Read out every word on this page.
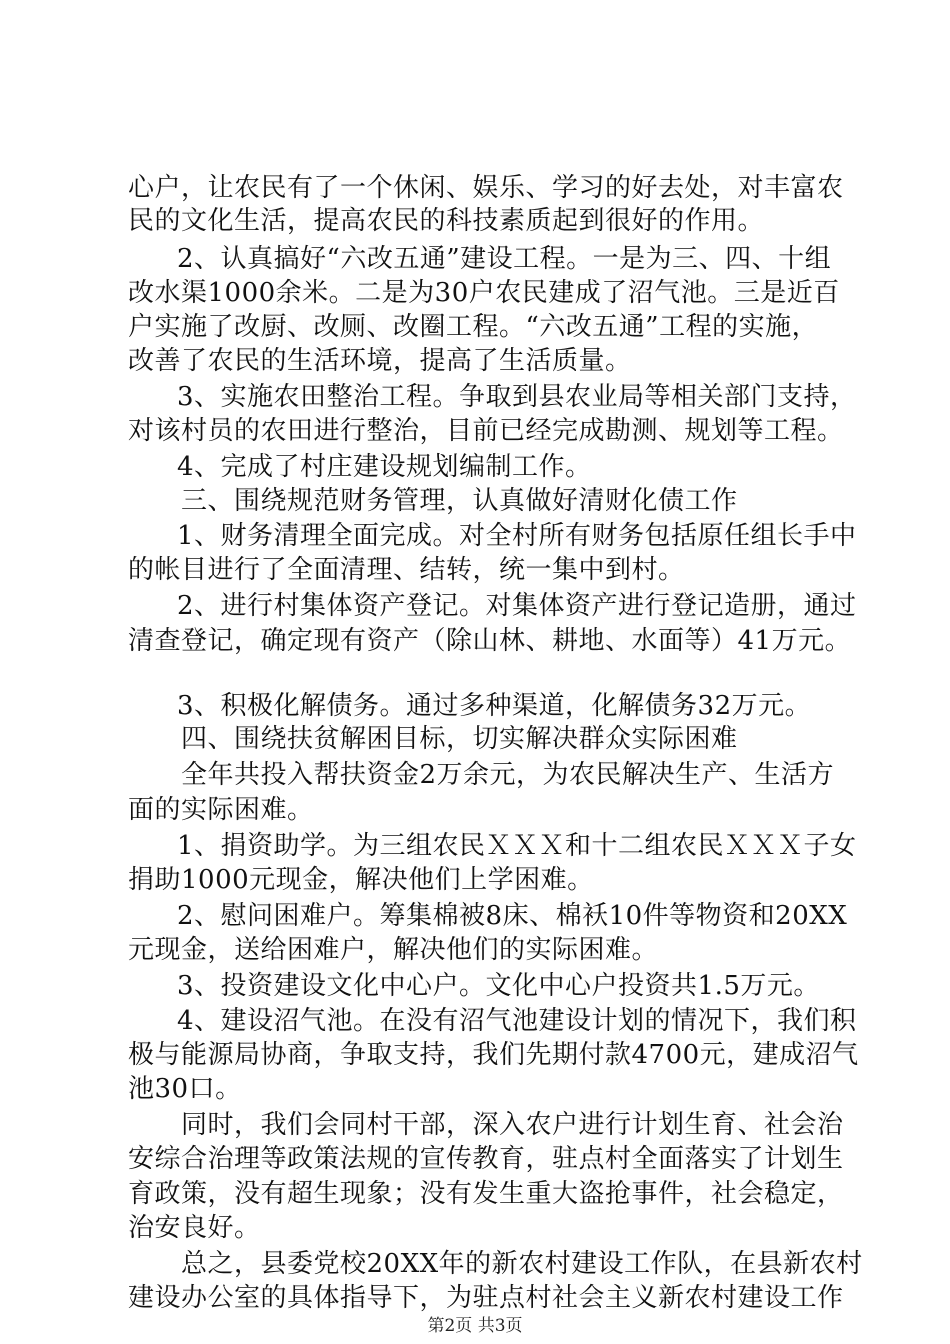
心户，让农民有了一个休闲、娱乐、学习的好去处，对丰富农
民的文化生活，提高农民的科技素质起到很好的作用。
2、认真搞好“六改五通”建设工程。一是为三、四、十组
改水渠1000余米。二是为30户农民建成了沼气池。三是近百
户实施了改厨、改厕、改圈工程。“六改五通”工程的实施，
改善了农民的生活环境，提高了生活质量。
3、实施农田整治工程。争取到县农业局等相关部门支持，
对该村员的农田进行整治，目前已经完成勘测、规划等工程。
4、完成了村庄建设规划编制工作。
三、围绕规范财务管理，认真做好清财化债工作
1、财务清理全面完成。对全村所有财务包括原任组长手中
的帐目进行了全面清理、结转，统一集中到村。
2、进行村集体资产登记。对集体资产进行登记造册，通过
清查登记，确定现有资产（除山林、耕地、水面等）41万元。
3、积极化解债务。通过多种渠道，化解债务32万元。
四、围绕扶贫解困目标，切实解决群众实际困难
全年共投入帮扶资金2万余元，为农民解决生产、生活方
面的实际困难。
1、捐资助学。为三组农民ＸＸＸ和十二组农民ＸＸＸ子女
捐助1000元现金，解决他们上学困难。
2、慰问困难户。筹集棉被8床、棉袄10件等物资和20XX
元现金，送给困难户，解决他们的实际困难。
3、投资建设文化中心户。文化中心户投资共1.5万元。
4、建设沼气池。在没有沼气池建设计划的情况下，我们积
极与能源局协商，争取支持，我们先期付款4700元，建成沼气
池30口。
同时，我们会同村干部，深入农户进行计划生育、社会治
安综合治理等政策法规的宣传教育，驻点村全面落实了计划生
育政策，没有超生现象；没有发生重大盗抢事件，社会稳定，
治安良好。
总之，县委党校20XX年的新农村建设工作队，在县新农村
建设办公室的具体指导下，为驻点村社会主义新农村建设工作
第2页 共3页
